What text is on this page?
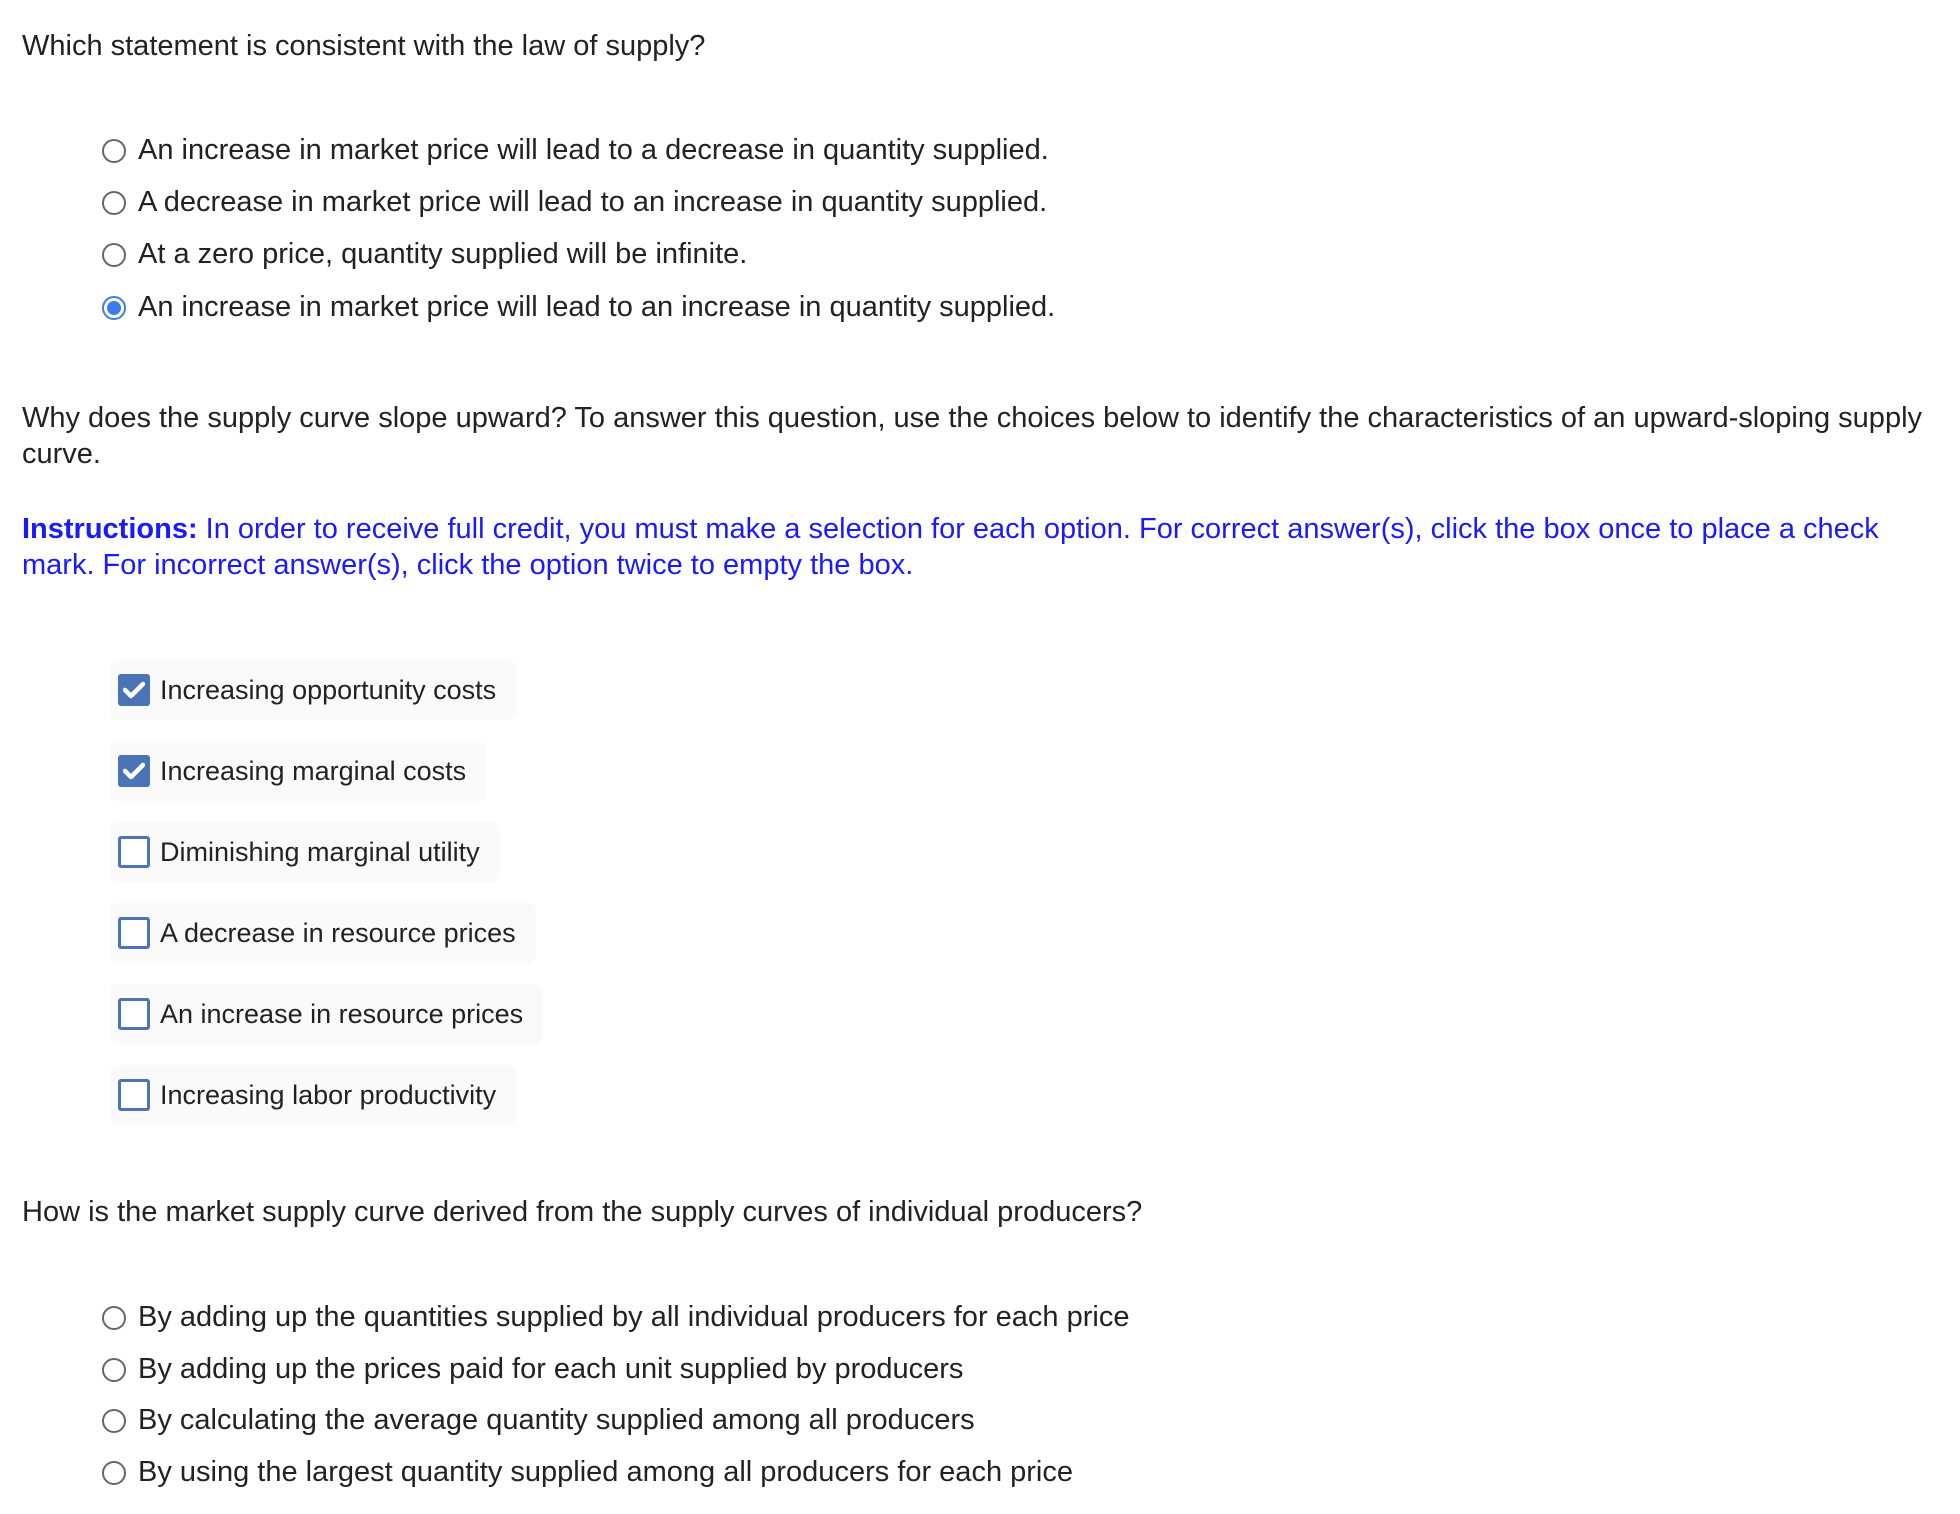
Which statement is consistent with the law of supply?
An increase in market price will lead to a decrease in quantity supplied.
A decrease in market price will lead to an increase in quantity supplied.
At a zero price, quantity supplied will be infinite.
An increase in market price will lead to an increase in quantity supplied.
Why does the supply curve slope upward? To answer this question, use the choices below to identify the characteristics of an upward-sloping supply curve.
Instructions: In order to receive full credit, you must make a selection for each option. For correct answer(s), click the box once to place a check mark. For incorrect answer(s), click the option twice to empty the box.
Increasing opportunity costs
Increasing marginal costs
Diminishing marginal utility
A decrease in resource prices
An increase in resource prices
Increasing labor productivity
How is the market supply curve derived from the supply curves of individual producers?
By adding up the quantities supplied by all individual producers for each price
By adding up the prices paid for each unit supplied by producers
By calculating the average quantity supplied among all producers
By using the largest quantity supplied among all producers for each price
